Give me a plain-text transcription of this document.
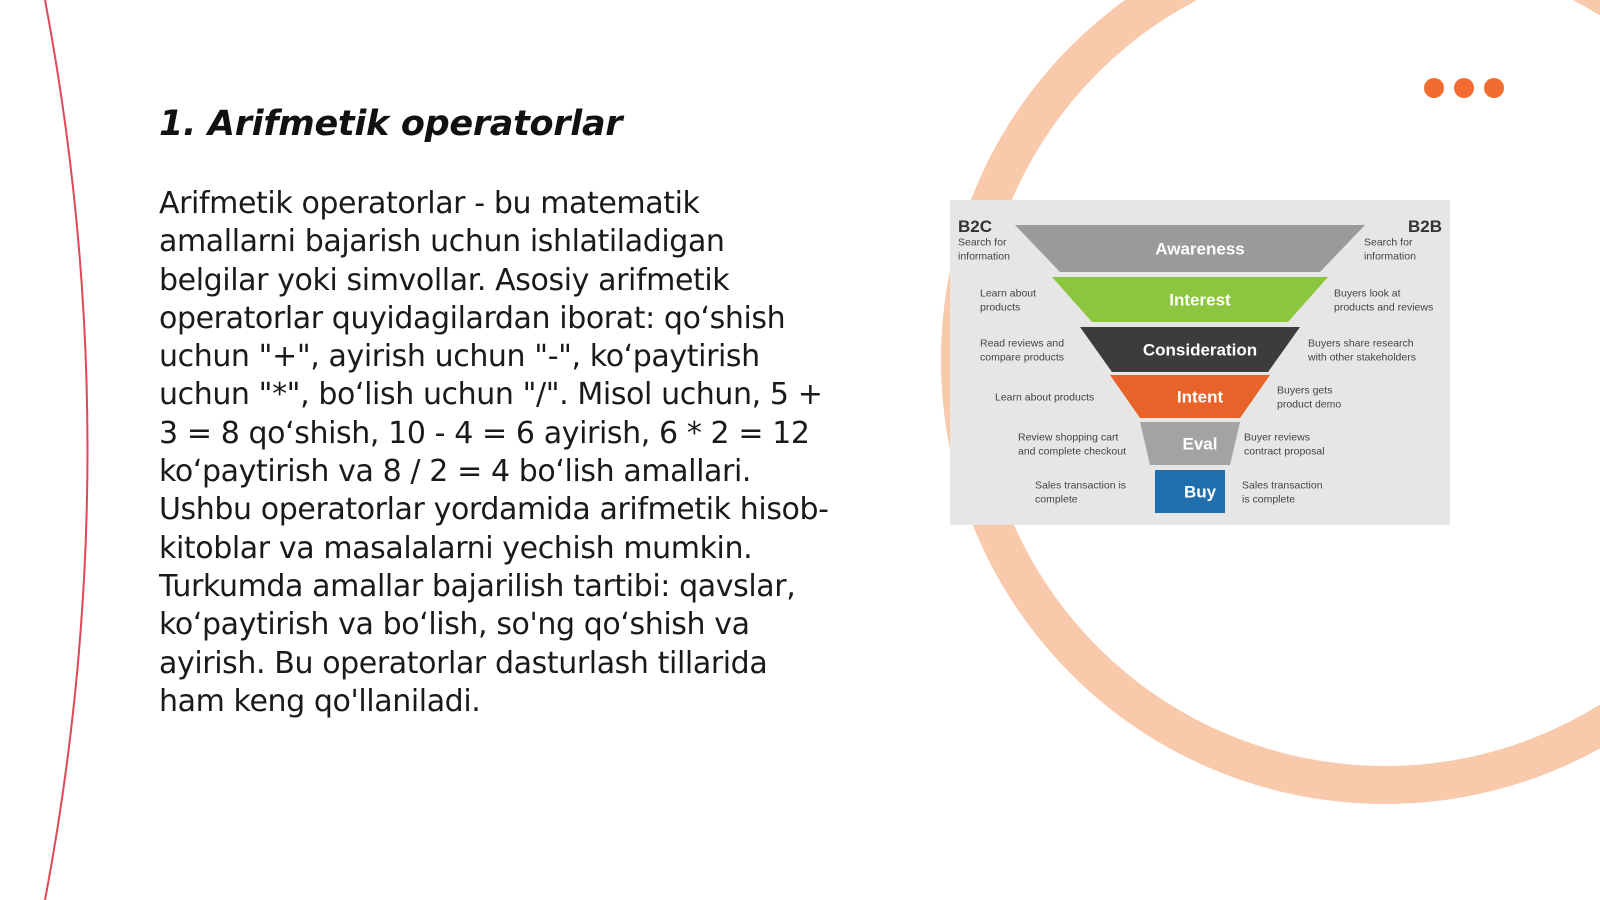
1. Arifmetik operatorlar

Arifmetik operatorlar - bu matematik amallarni bajarish uchun ishlatiladigan belgilar yoki simvollar. Asosiy arifmetik operatorlar quyidagilardan iborat: qoʻshish uchun "+", ayirish uchun "-", koʻpaytirish uchun "*", boʻlish uchun "/". Misol uchun, 5 + 3 = 8 qoʻshish, 10 - 4 = 6 ayirish, 6 * 2 = 12 koʻpaytirish va 8 / 2 = 4 boʻlish amallari. Ushbu operatorlar yordamida arifmetik hisob-kitoblar va masalalarni yechish mumkin. Turkumda amallar bajarilish tartibi: qavslar, koʻpaytirish va boʻlish, so'ng qoʻshish va ayirish. Bu operatorlar dasturlash tillarida ham keng qo'llaniladi.

B2C	B2B
Awareness
Search for
information
Search for
information
Interest
Learn about
products
Buyers look at
products and reviews
Consideration
Read reviews and
compare products
Buyers share research
with other stakeholders
Intent
Learn about products
Buyers gets
product demo
Eval
Review shopping cart
and complete checkout
Buyer reviews
contract proposal
Buy
Sales transaction is
complete
Sales transaction
is complete
